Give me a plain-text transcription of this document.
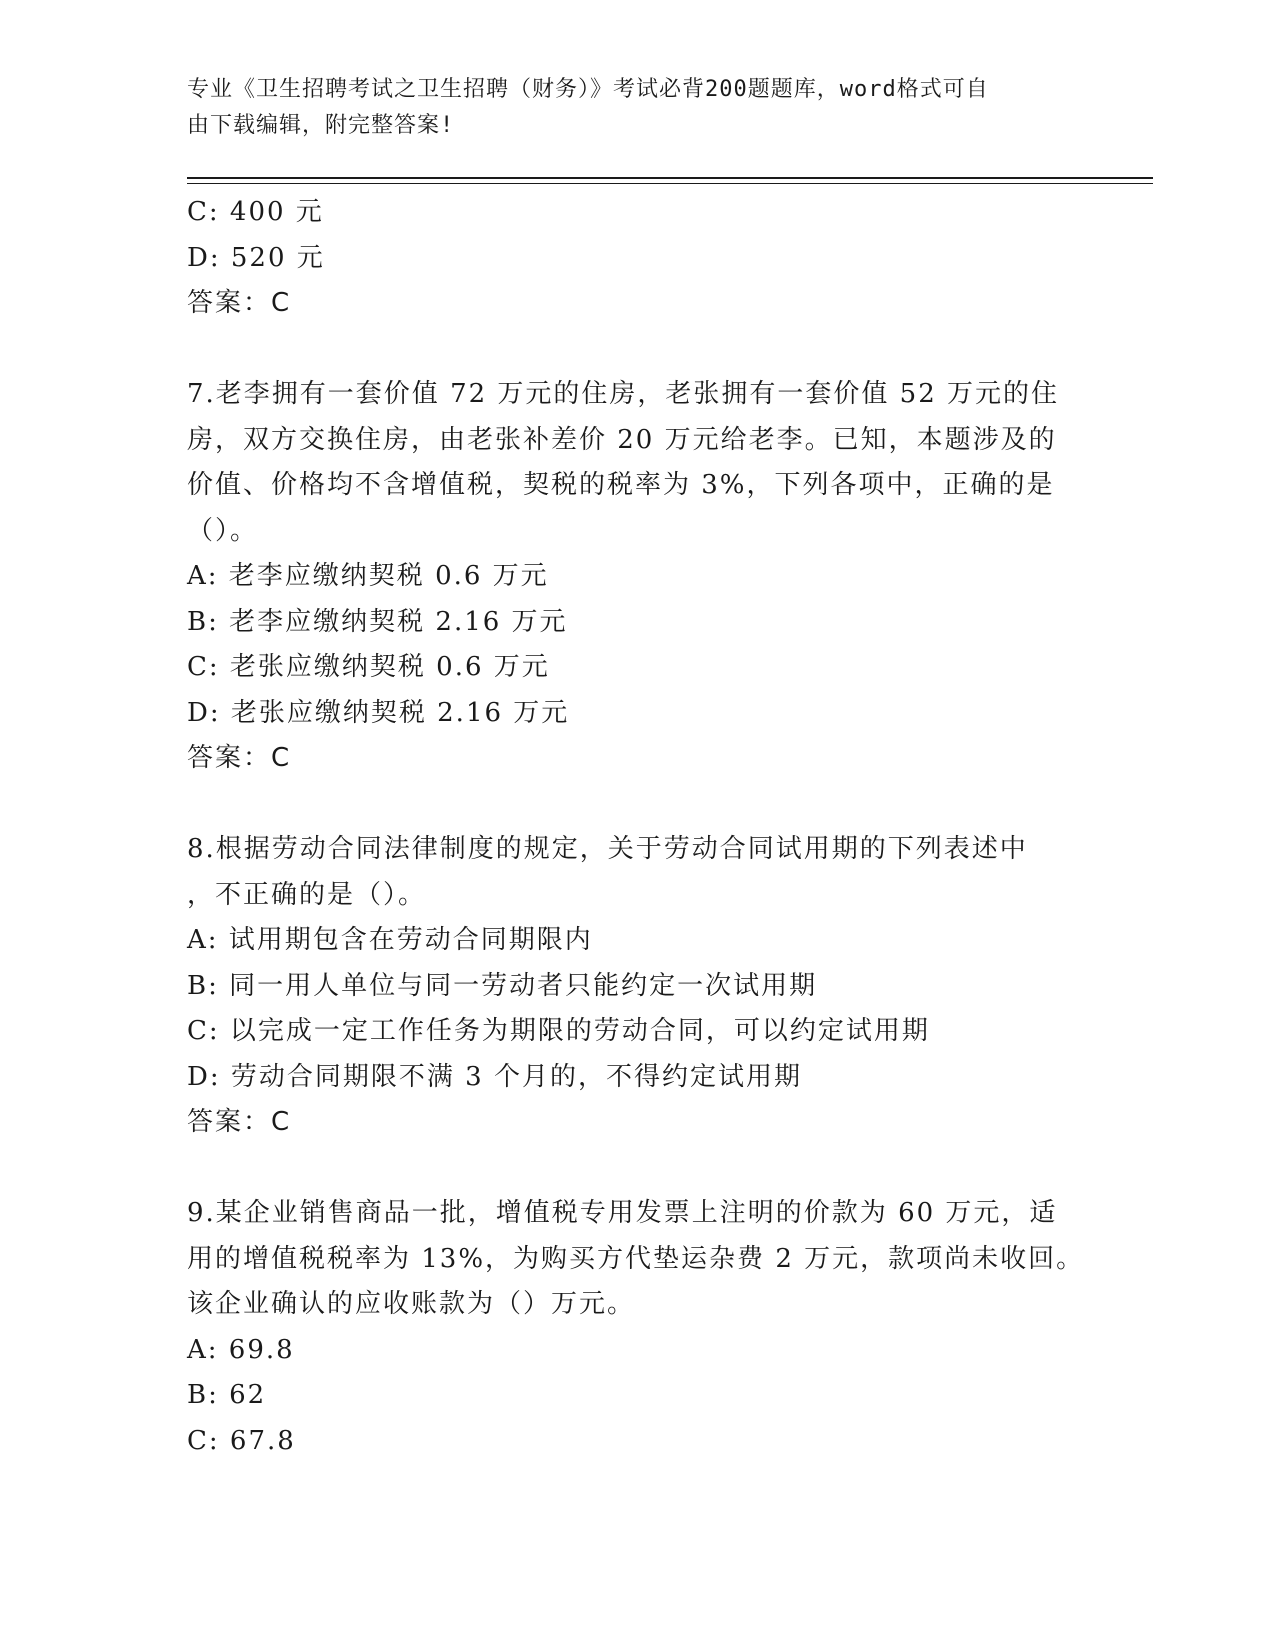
专业《卫生招聘考试之卫生招聘（财务）》考试必背200题题库，word格式可自
由下载编辑，附完整答案!
C: 400 元
D: 520 元
答案：C
7.老李拥有一套价值 72 万元的住房，老张拥有一套价值 52 万元的住
房，双方交换住房，由老张补差价 20 万元给老李。已知，本题涉及的
价值、价格均不含增值税，契税的税率为 3%，下列各项中，正确的是
（）。
A: 老李应缴纳契税 0.6 万元
B: 老李应缴纳契税 2.16 万元
C: 老张应缴纳契税 0.6 万元
D: 老张应缴纳契税 2.16 万元
答案：C
8.根据劳动合同法律制度的规定，关于劳动合同试用期的下列表述中
，不正确的是（）。
A: 试用期包含在劳动合同期限内
B: 同一用人单位与同一劳动者只能约定一次试用期
C: 以完成一定工作任务为期限的劳动合同，可以约定试用期
D: 劳动合同期限不满 3 个月的，不得约定试用期
答案：C
9.某企业销售商品一批，增值税专用发票上注明的价款为 60 万元，适
用的增值税税率为 13%，为购买方代垫运杂费 2 万元，款项尚未收回。
该企业确认的应收账款为（）万元。
A: 69.8
B: 62
C: 67.8
